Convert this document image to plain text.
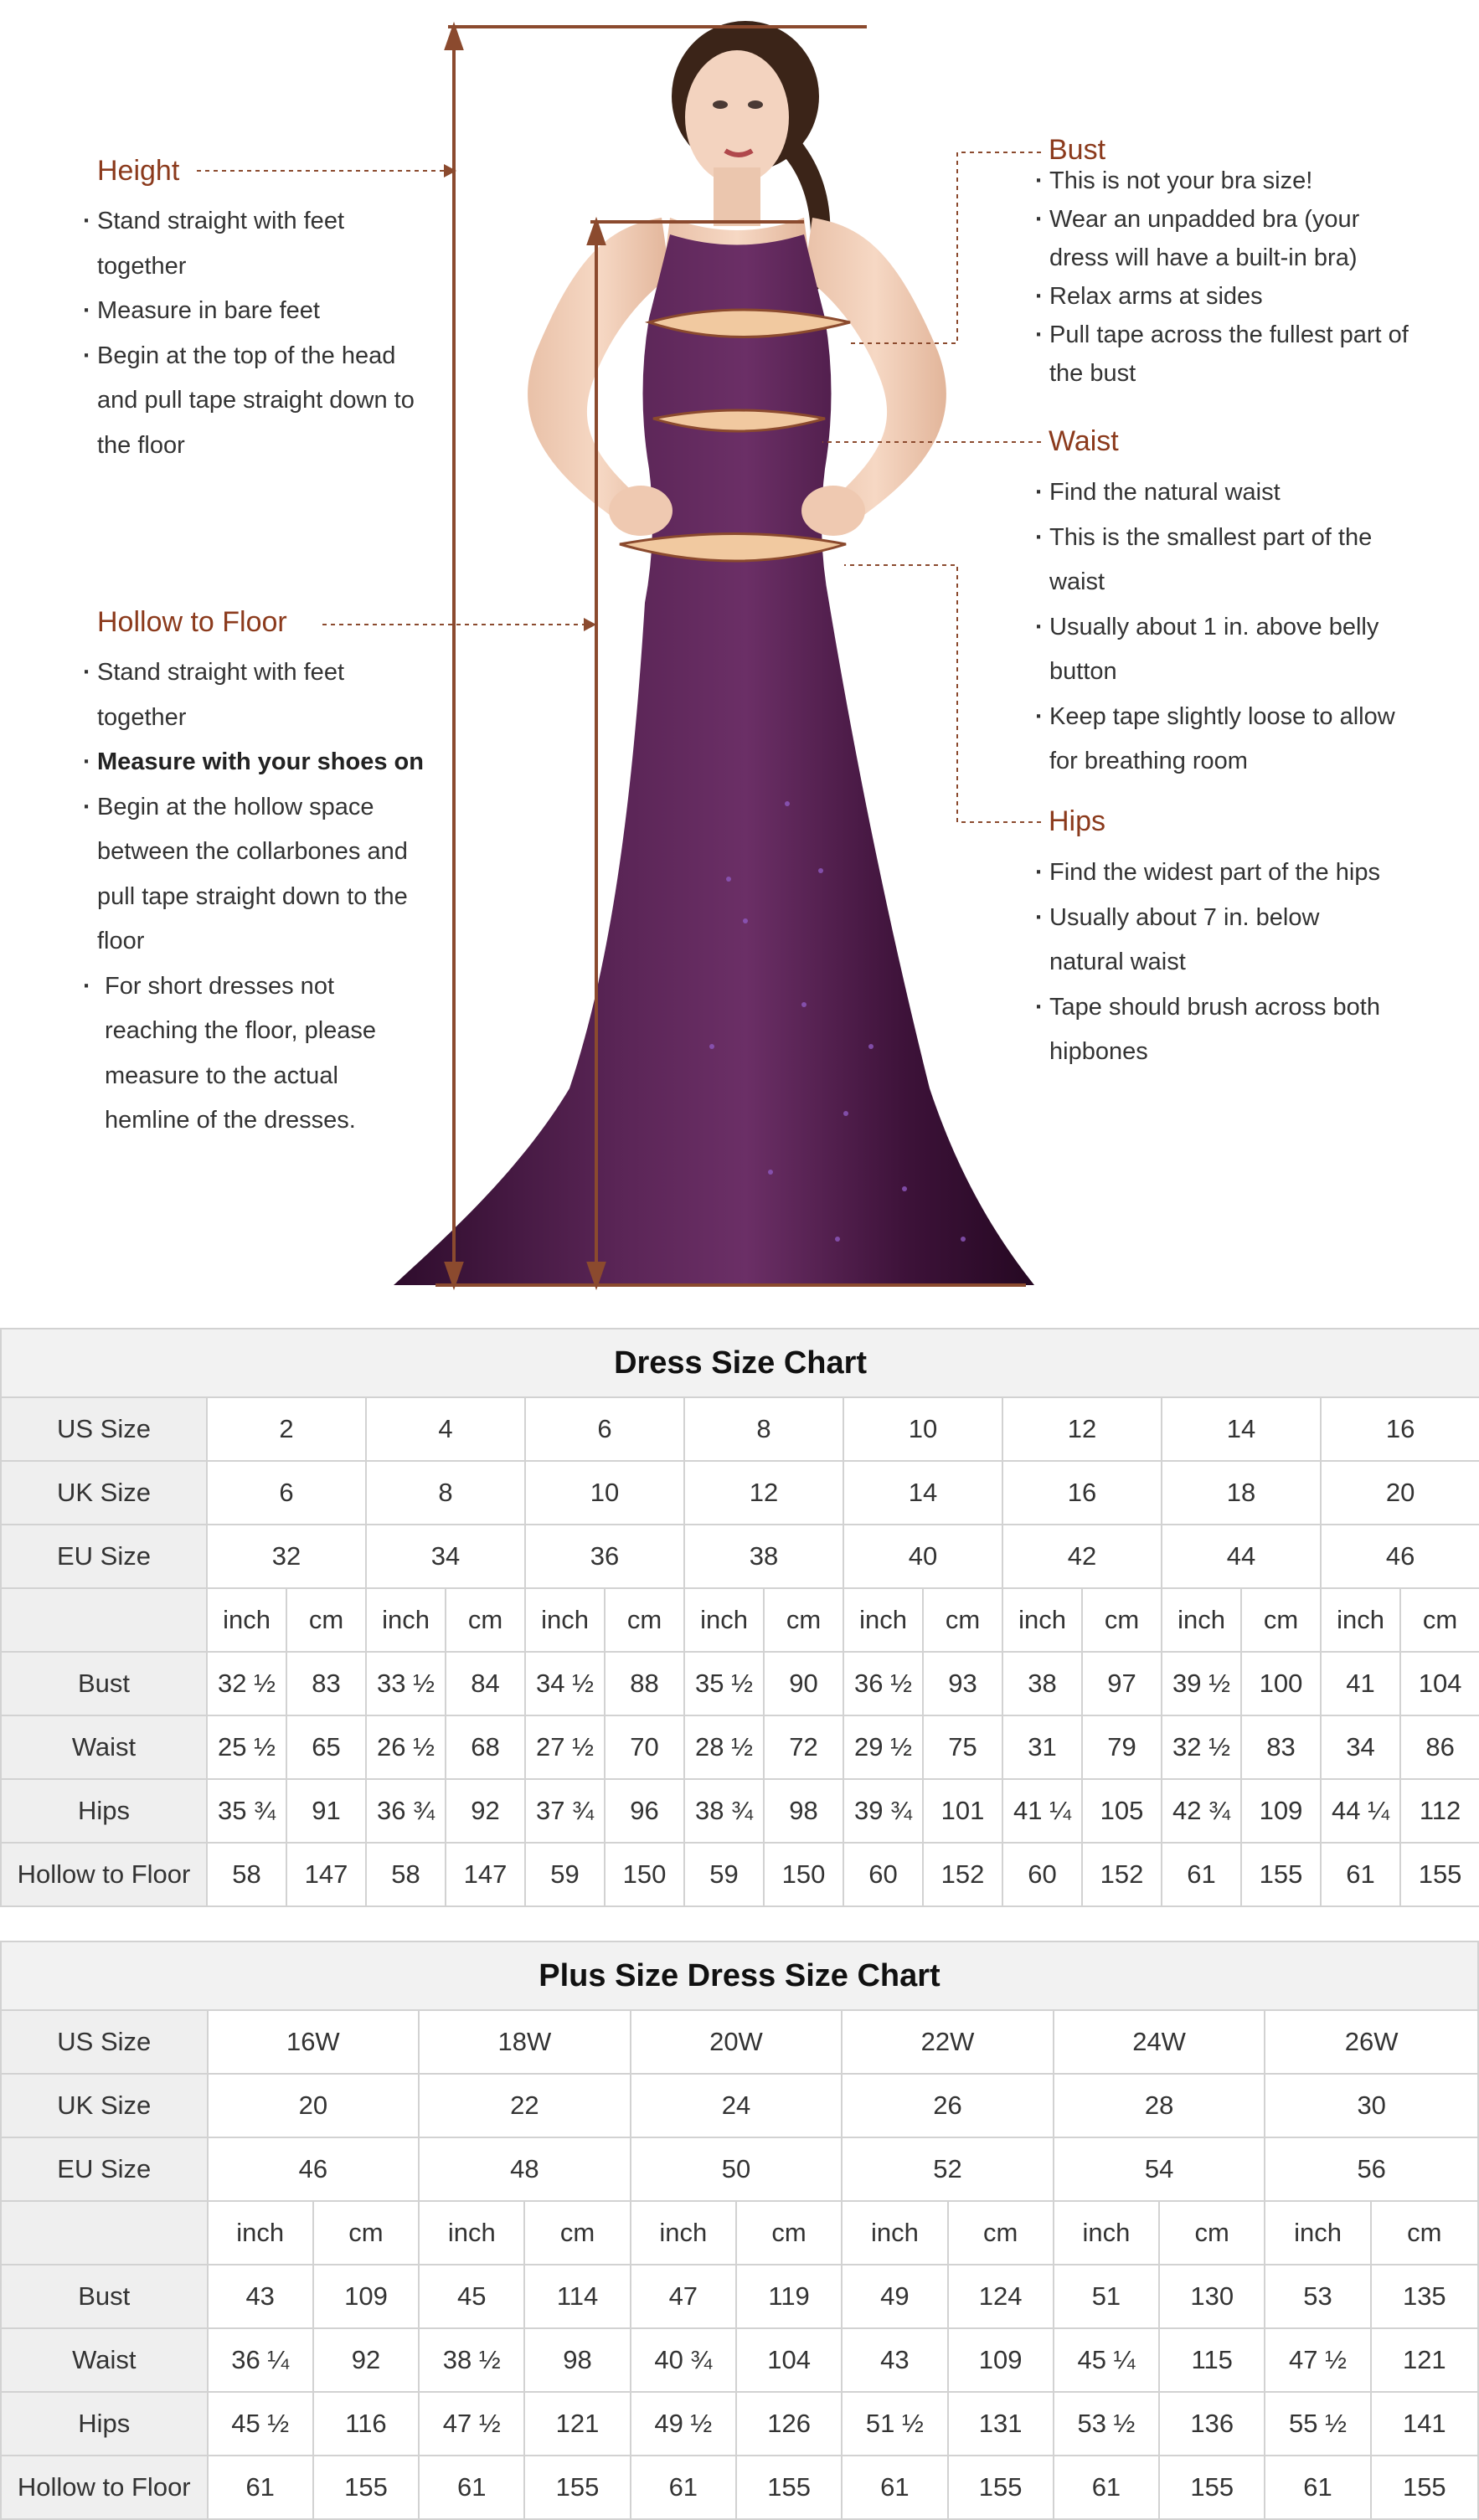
Height
· Stand straight with feet together
· Measure in bare feet
· Begin at the top of the head and pull tape straight down to the floor
Hollow to Floor
· Stand straight with feet together
· Measure with your shoes on
· Begin at the hollow space between the collarbones and pull tape straight down to the floor
· For short dresses not reaching the floor, please measure to the actual hemline of the dresses.
Bust
· This is not your bra size!
· Wear an unpadded bra (your dress will have a built-in bra)
· Relax arms at sides
· Pull tape across the fullest part of the bust
Waist
· Find the natural waist
· This is the smallest part of the waist
· Usually about 1 in. above belly button
· Keep tape slightly loose to allow for breathing room
Hips
· Find the widest part of the hips
· Usually about 7 in. below natural waist
· Tape should brush across both hipbones
Dress Size Chart																
US Size	2		4		6		8		10		12		14		16	
UK Size	6		8		10		12		14		16		18		20	
EU Size	32		34		36		38		40		42		44		46	
	inch	cm	inch	cm	inch	cm	inch	cm	inch	cm	inch	cm	inch	cm	inch	cm
Bust	32 ½	83	33 ½	84	34 ½	88	35 ½	90	36 ½	93	38	97	39 ½	100	41	104
Waist	25 ½	65	26 ½	68	27 ½	70	28 ½	72	29 ½	75	31	79	32 ½	83	34	86
Hips	35 ¾	91	36 ¾	92	37 ¾	96	38 ¾	98	39 ¾	101	41 ¼	105	42 ¾	109	44 ¼	112
Hollow to Floor	58	147	58	147	59	150	59	150	60	152	60	152	61	155	61	155
Plus Size Dress Size Chart												
US Size	16W		18W		20W		22W		24W		26W	
UK Size	20		22		24		26		28		30	
EU Size	46		48		50		52		54		56	
	inch	cm	inch	cm	inch	cm	inch	cm	inch	cm	inch	cm
Bust	43	109	45	114	47	119	49	124	51	130	53	135
Waist	36 ¼	92	38 ½	98	40 ¾	104	43	109	45 ¼	115	47 ½	121
Hips	45 ½	116	47 ½	121	49 ½	126	51 ½	131	53 ½	136	55 ½	141
Hollow to Floor	61	155	61	155	61	155	61	155	61	155	61	155
